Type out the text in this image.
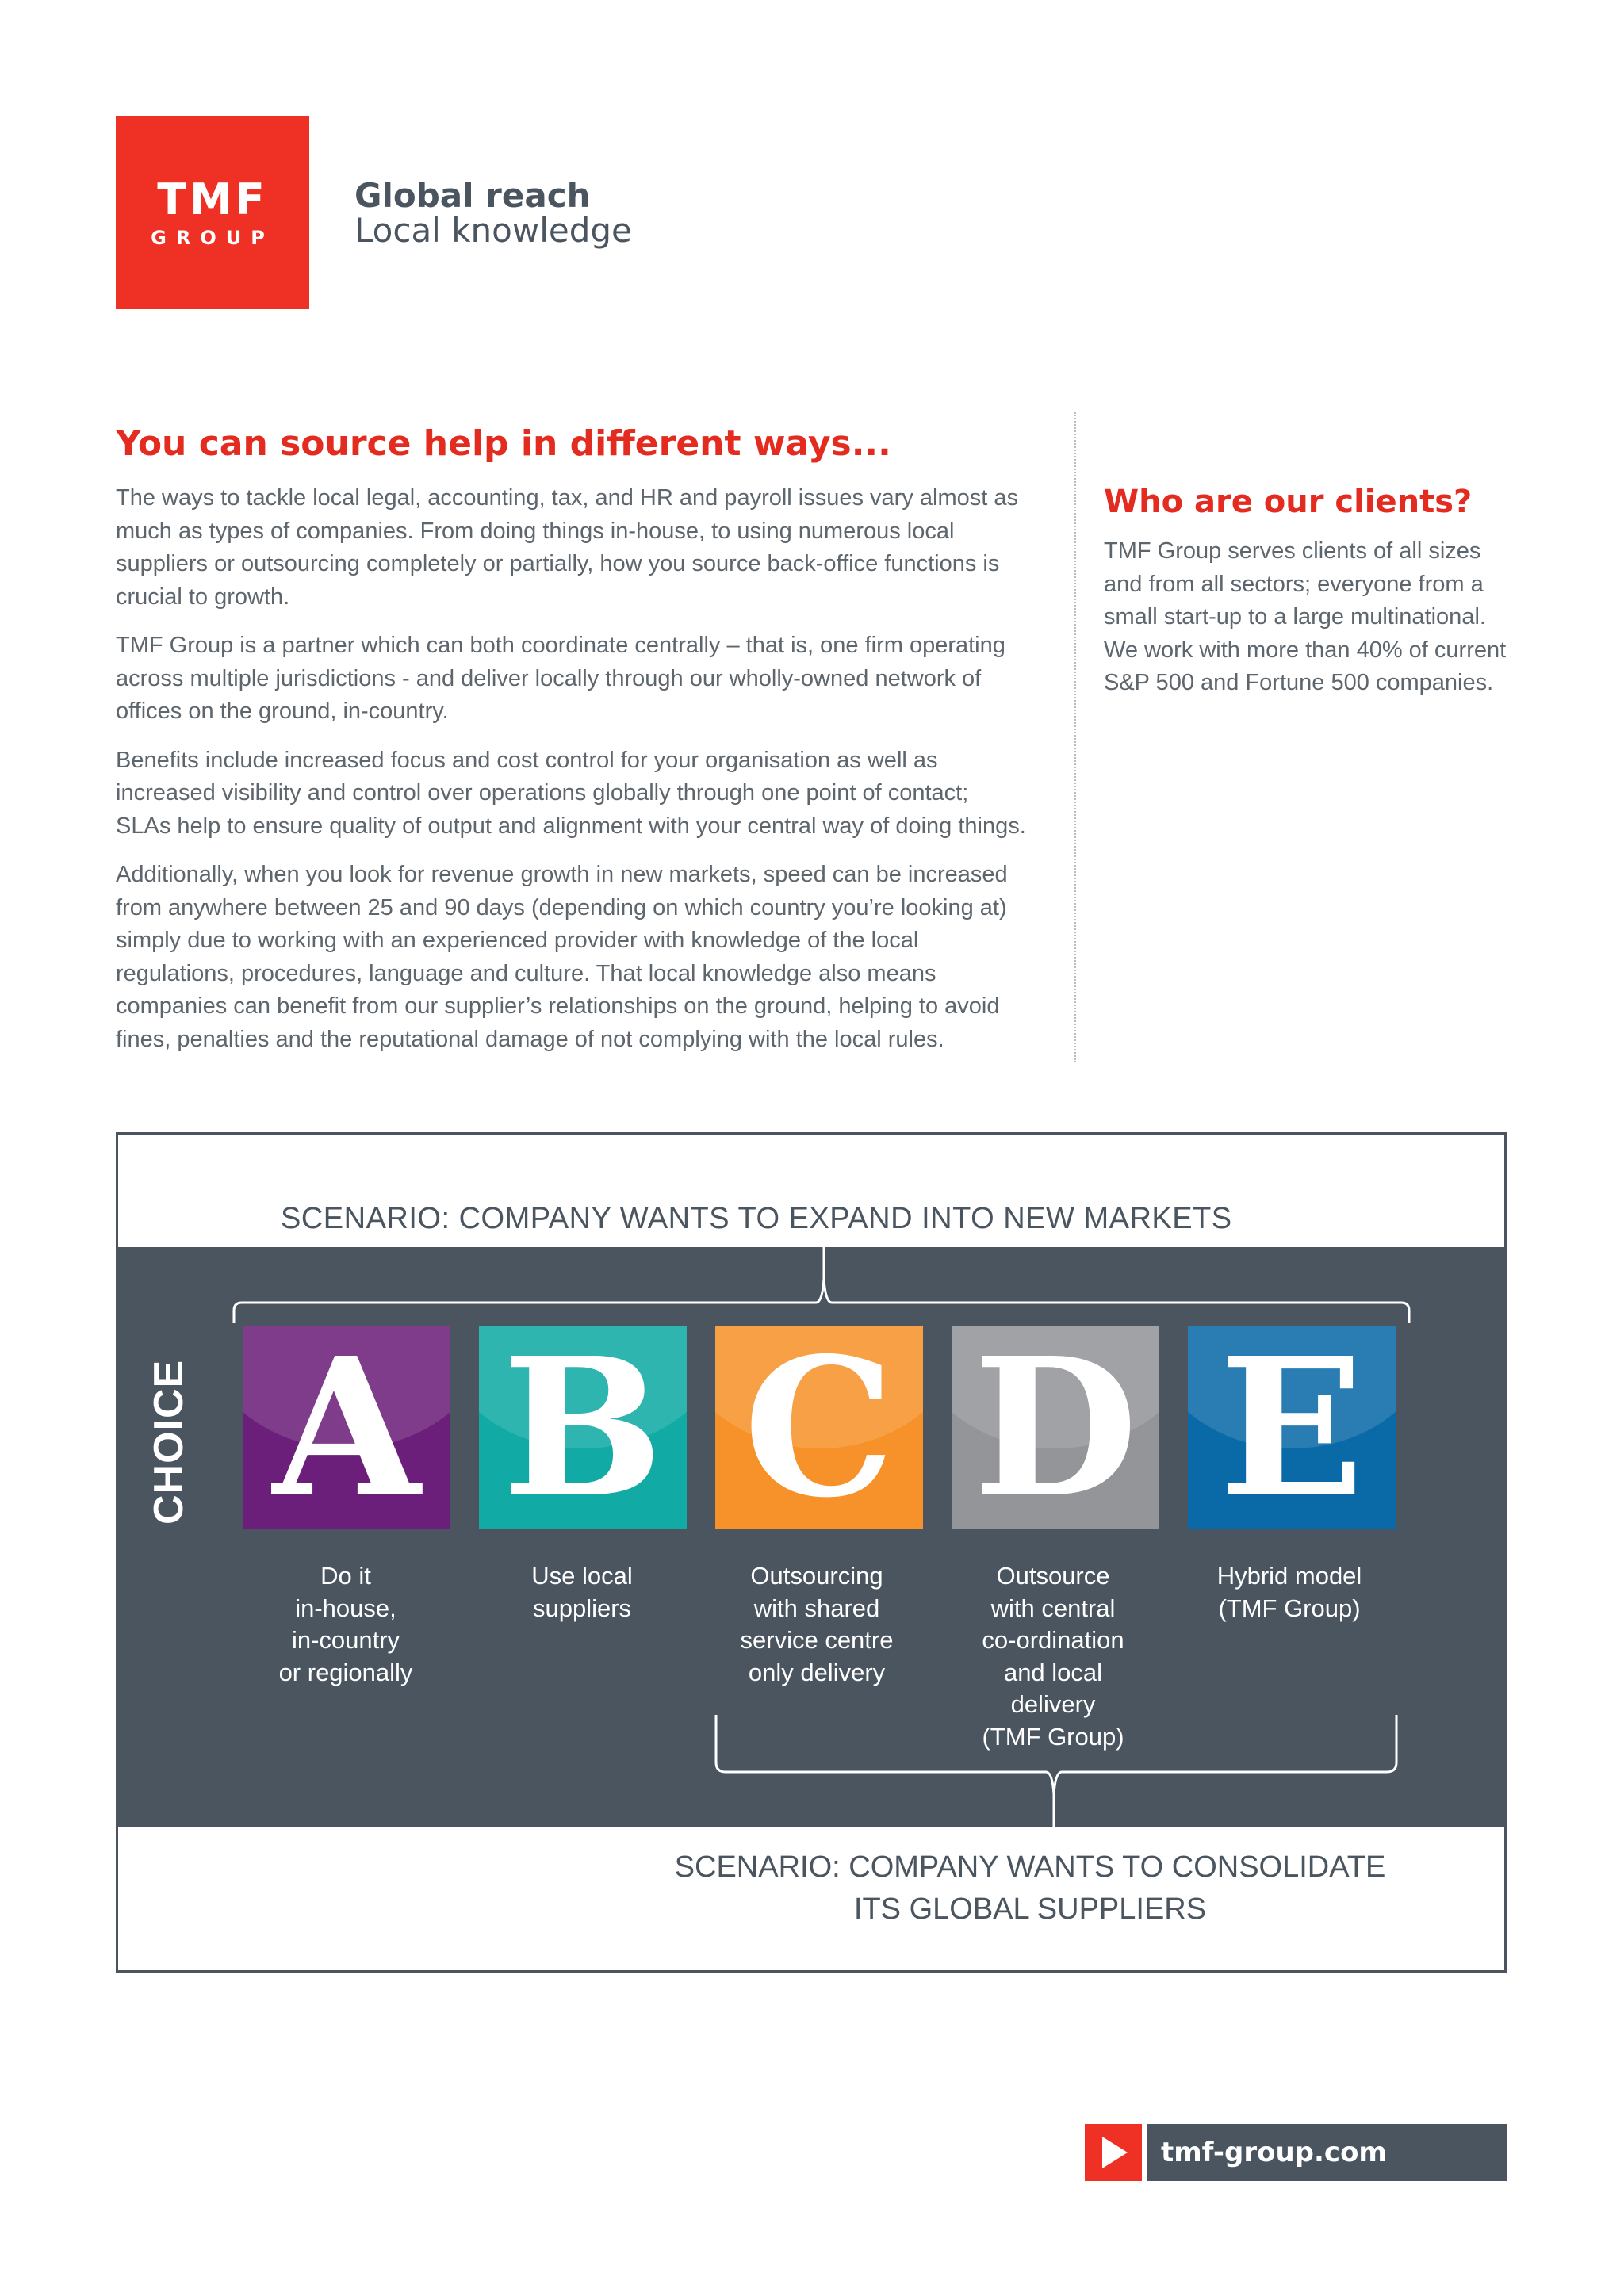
TMF
GROUP
Global reach
Local knowledge
You can source help in different ways...

The ways to tackle local legal, accounting, tax, and HR and payroll issues vary almost as much as types of companies. From doing things in-house, to using numerous local suppliers or outsourcing completely or partially, how you source back-office functions is crucial to growth.

TMF Group is a partner which can both coordinate centrally – that is, one firm operating across multiple jurisdictions - and deliver locally through our wholly-owned network of offices on the ground, in-country.

Benefits include increased focus and cost control for your organisation as well as increased visibility and control over operations globally through one point of contact; SLAs help to ensure quality of output and alignment with your central way of doing things.

Additionally, when you look for revenue growth in new markets, speed can be increased from anywhere between 25 and 90 days (depending on which country you’re looking at) simply due to working with an experienced provider with knowledge of the local regulations, procedures, language and culture. That local knowledge also means companies can benefit from our supplier’s relationships on the ground, helping to avoid fines, penalties and the reputational damage of not complying with the local rules.

Who are our clients?

TMF Group serves clients of all sizes and from all sectors; everyone from a small start-up to a large multinational. We work with more than 40% of current S&P 500 and Fortune 500 companies.

SCENARIO: COMPANY WANTS TO EXPAND INTO NEW MARKETS
CHOICE A
Do it
in-house,
in-country
or regionally
B
Use local
suppliers
C
Outsourcing
with shared
service centre
only delivery
D
Outsource
with central
co-ordination
and local
delivery
(TMF Group)
E
Hybrid model
(TMF Group)
SCENARIO: COMPANY WANTS TO CONSOLIDATE
ITS GLOBAL SUPPLIERS
tmf-group.com
